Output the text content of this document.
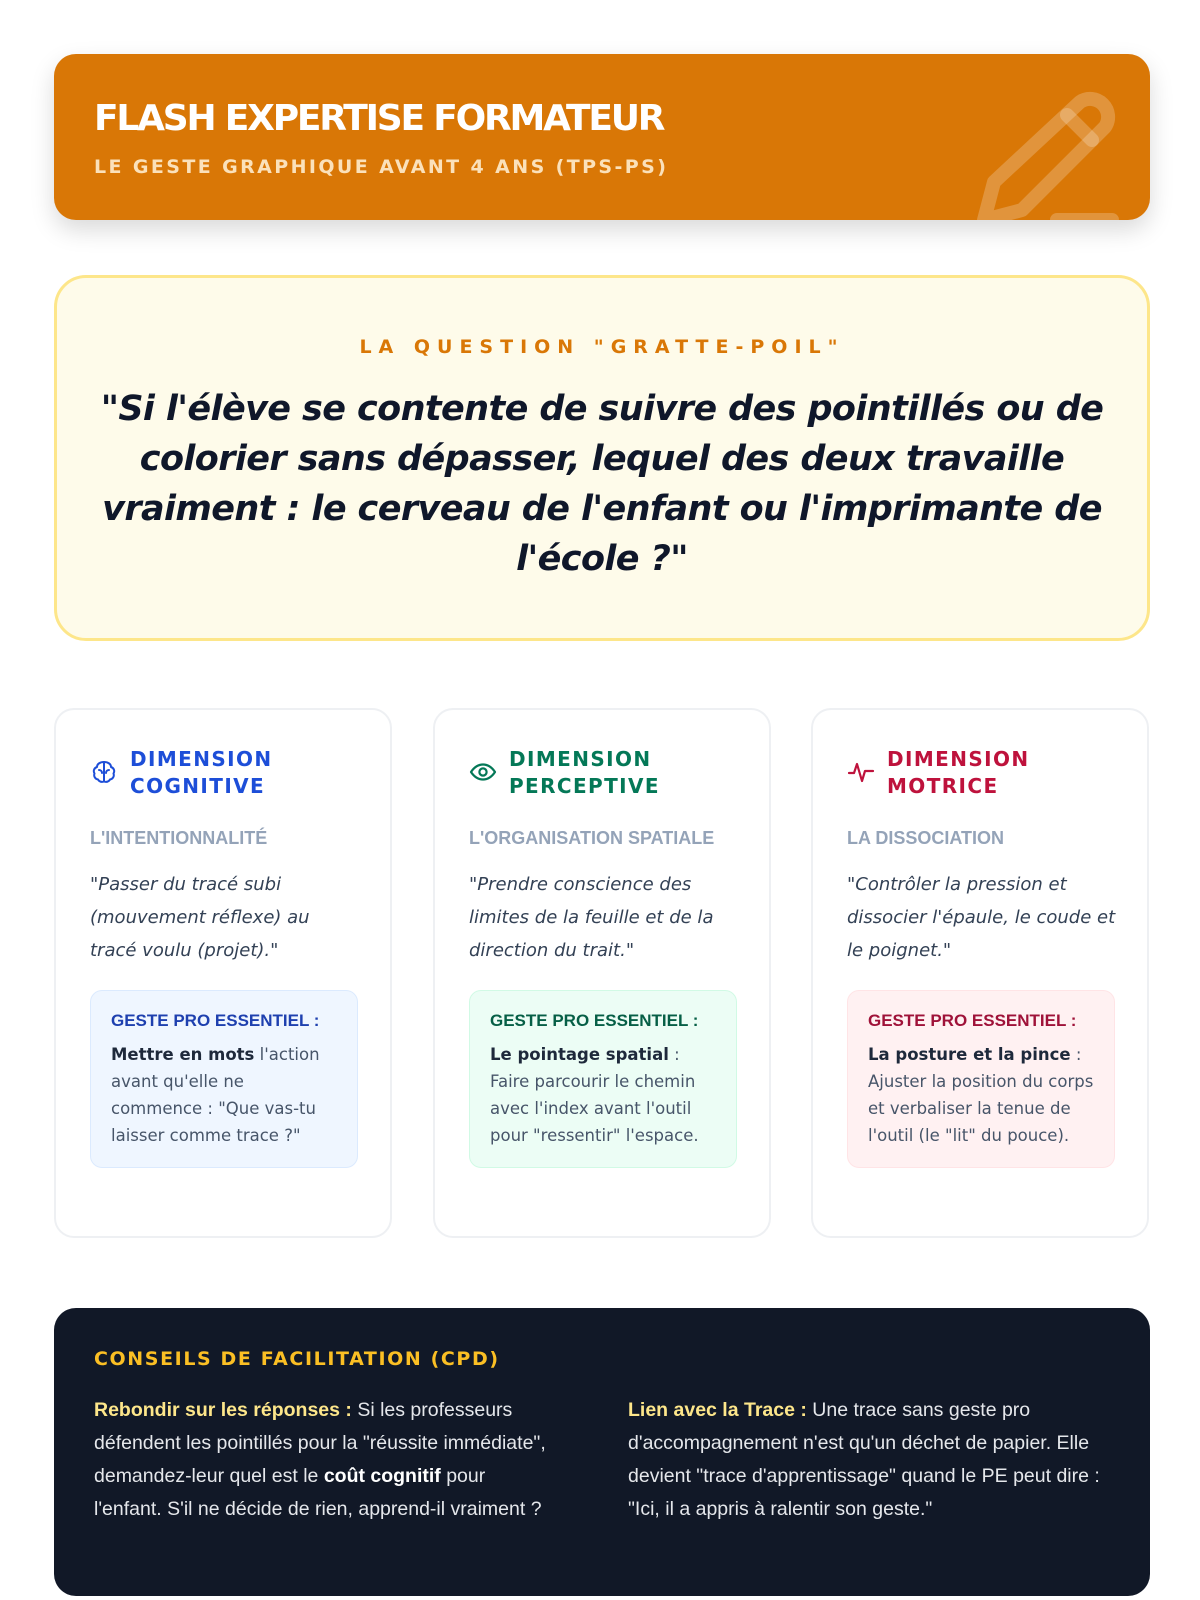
FLASH EXPERTISE FORMATEUR
LE GESTE GRAPHIQUE AVANT 4 ANS (TPS-PS)
LA QUESTION "GRATTE-POIL"
"Si l'élève se contente de suivre des pointillés ou de colorier sans dépasser, lequel des deux travaille vraiment : le cerveau de l'enfant ou l'imprimante de l'école ?"
DIMENSION
COGNITIVE
L'INTENTIONNALITÉ
"Passer du tracé subi (mouvement réflexe) au tracé voulu (projet)."
GESTE PRO ESSENTIEL :
Mettre en mots l'action avant qu'elle ne commence : "Que vas-tu laisser comme trace ?"
DIMENSION
PERCEPTIVE
L'ORGANISATION SPATIALE
"Prendre conscience des limites de la feuille et de la direction du trait."
GESTE PRO ESSENTIEL :
Le pointage spatial : Faire parcourir le chemin avec l'index avant l'outil pour "ressentir" l'espace.
DIMENSION
MOTRICE
LA DISSOCIATION
"Contrôler la pression et dissocier l'épaule, le coude et le poignet."
GESTE PRO ESSENTIEL :
La posture et la pince : Ajuster la position du corps et verbaliser la tenue de l'outil (le "lit" du pouce).
CONSEILS DE FACILITATION (CPD)
Rebondir sur les réponses : Si les professeurs défendent les pointillés pour la "réussite immédiate", demandez-leur quel est le coût cognitif pour l'enfant. S'il ne décide de rien, apprend-il vraiment ?
Lien avec la Trace : Une trace sans geste pro d'accompagnement n'est qu'un déchet de papier. Elle devient "trace d'apprentissage" quand le PE peut dire : "Ici, il a appris à ralentir son geste."
